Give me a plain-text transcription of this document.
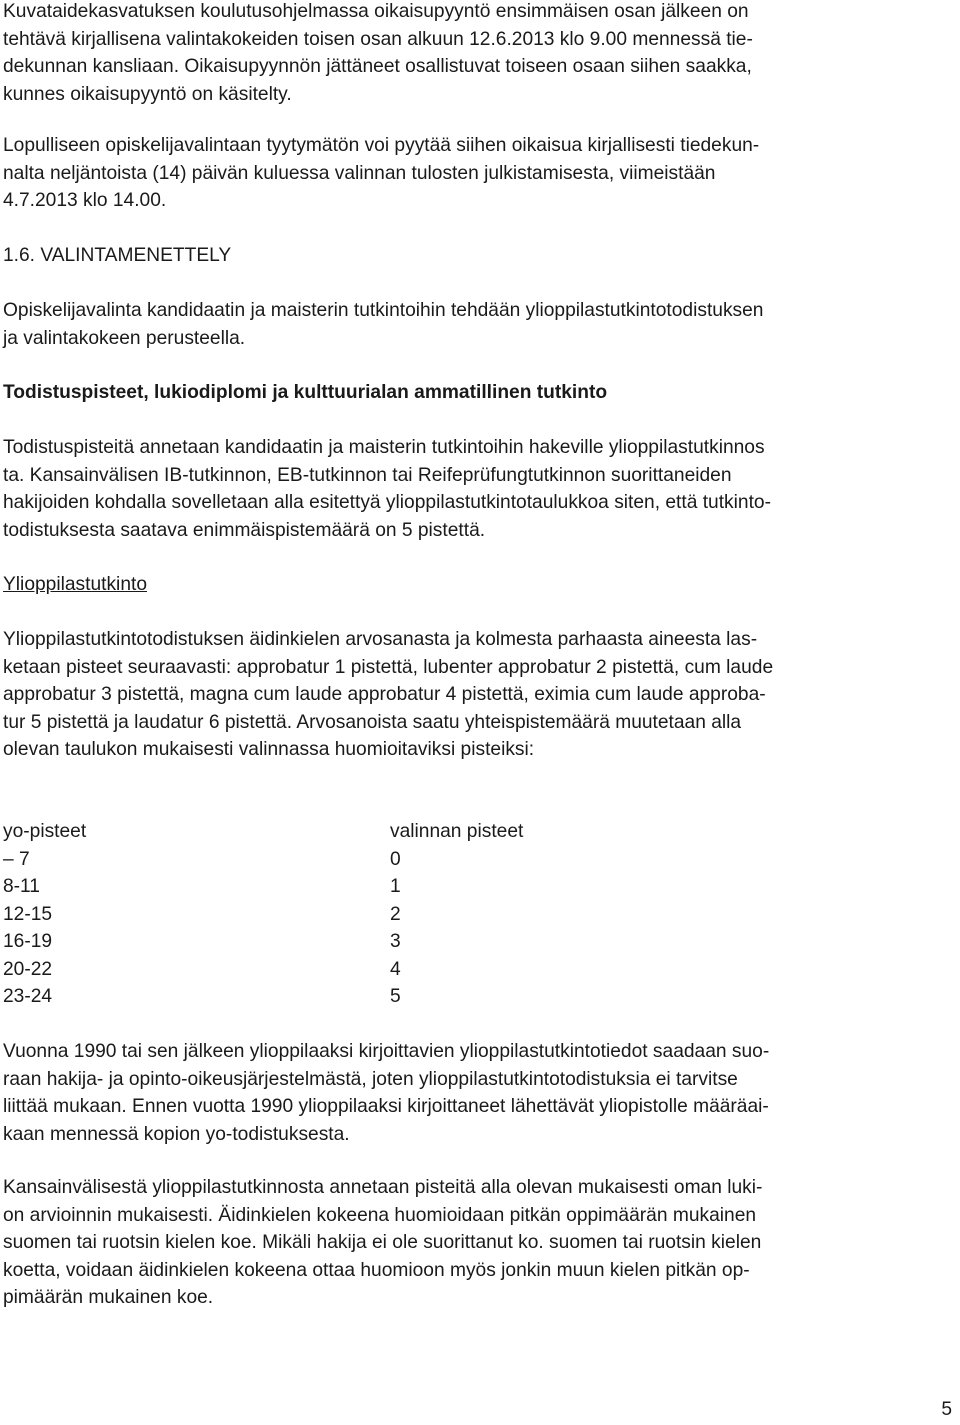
Kuvataidekasvatuksen koulutusohjelmassa oikaisupyyntö ensimmäisen osan jälkeen on
tehtävä kirjallisena valintakokeiden toisen osan alkuun 12.6.2013 klo 9.00 mennessä tie-
dekunnan kansliaan. Oikaisupyynnön jättäneet osallistuvat toiseen osaan siihen saakka,
kunnes oikaisupyyntö on käsitelty.
Lopulliseen opiskelijavalintaan tyytymätön voi pyytää siihen oikaisua kirjallisesti tiedekun-
nalta neljäntoista (14) päivän kuluessa valinnan tulosten julkistamisesta, viimeistään
4.7.2013 klo 14.00.
1.6. VALINTAMENETTELY
Opiskelijavalinta kandidaatin ja maisterin tutkintoihin tehdään ylioppilastutkintotodistuksen
ja valintakokeen perusteella.
Todistuspisteet, lukiodiplomi ja kulttuurialan ammatillinen tutkinto
Todistuspisteitä annetaan kandidaatin ja maisterin tutkintoihin hakeville ylioppilastutkinnos
ta. Kansainvälisen IB-tutkinnon, EB-tutkinnon tai Reifeprüfungtutkinnon suorittaneiden
hakijoiden kohdalla sovelletaan alla esitettyä ylioppilastutkintotaulukkoa siten, että tutkinto-
todistuksesta saatava enimmäispistemäärä on 5 pistettä.
Ylioppilastutkinto
Ylioppilastutkintotodistuksen äidinkielen arvosanasta ja kolmesta parhaasta aineesta las-
ketaan pisteet seuraavasti: approbatur 1 pistettä, lubenter approbatur 2 pistettä, cum laude
approbatur 3 pistettä, magna cum laude approbatur 4 pistettä, eximia cum laude approba-
tur 5 pistettä ja laudatur 6 pistettä. Arvosanoista saatu yhteispistemäärä muutetaan alla
olevan taulukon mukaisesti valinnassa huomioitaviksi pisteiksi:
yo-pisteet	valinnan pisteet
– 7	0
8-11	1
12-15	2
16-19	3
20-22	4
23-24	5
Vuonna 1990 tai sen jälkeen ylioppilaaksi kirjoittavien ylioppilastutkintotiedot saadaan suo-
raan hakija- ja opinto-oikeusjärjestelmästä, joten ylioppilastutkintotodistuksia ei tarvitse
liittää mukaan. Ennen vuotta 1990 ylioppilaaksi kirjoittaneet lähettävät yliopistolle määräai-
kaan mennessä kopion yo-todistuksesta.
Kansainvälisestä ylioppilastutkinnosta annetaan pisteitä alla olevan mukaisesti oman luki-
on arvioinnin mukaisesti. Äidinkielen kokeena huomioidaan pitkän oppimäärän mukainen
suomen tai ruotsin kielen koe. Mikäli hakija ei ole suorittanut ko. suomen tai ruotsin kielen
koetta, voidaan äidinkielen kokeena ottaa huomioon myös jonkin muun kielen pitkän op-
pimäärän mukainen koe.
5
